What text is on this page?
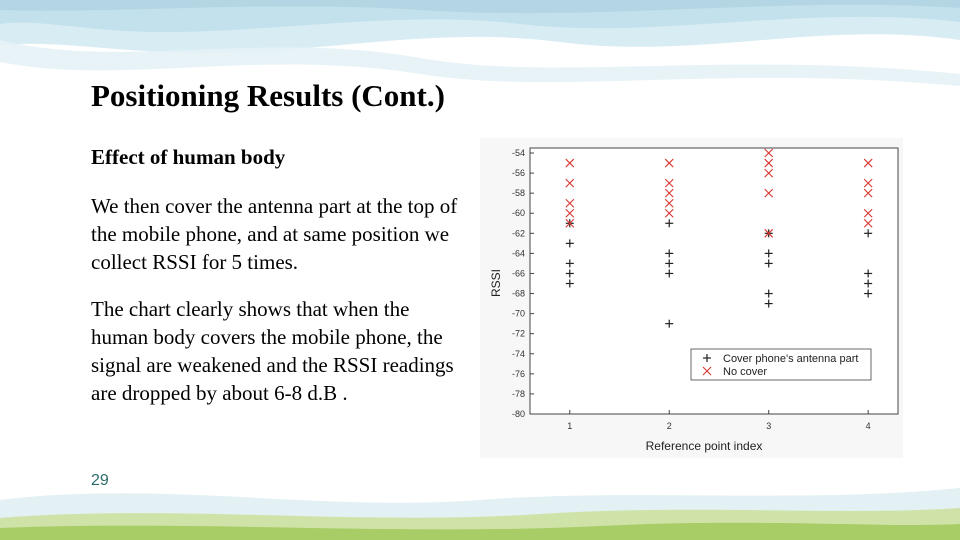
Positioning Results (Cont.)
Effect of human body
We then cover the antenna part at the top of the mobile phone, and at same position we collect RSSI for 5 times.
The chart clearly shows that when the human body covers the mobile phone, the signal are weakened and the RSSI readings are dropped by about 6-8 d.B .
29
-54
-56
-58
-60
-62
-64
-66
-68
-70
-72
-74
-76
-78
-80
1	2	3	4
Reference point index
RSSI
Cover phone's antenna part
No cover
